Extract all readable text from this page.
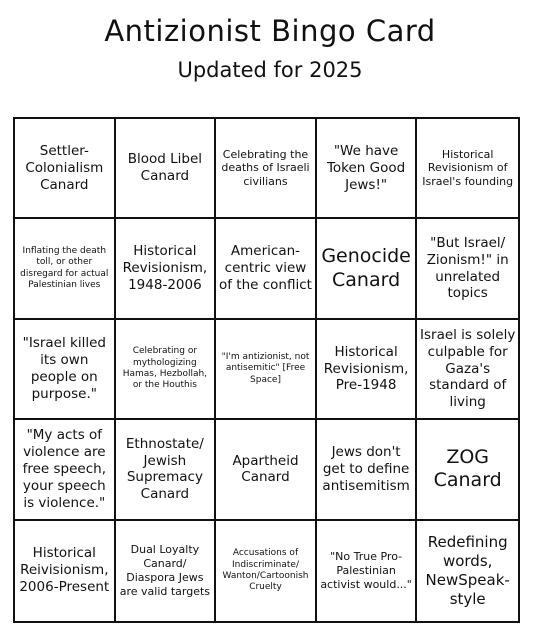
Antizionist Bingo Card
Updated for 2025
Settler-Colonialism Canard
Blood Libel Canard
Celebrating the deaths of Israeli civilians
"We have Token Good Jews!"
Historical Revisionism of Israel's founding
Inflating the death toll, or other disregard for actual Palestinian lives
Historical Revisionism, 1948-2006
American-centric view of the conflict
Genocide Canard
"But Israel/ Zionism!" in unrelated topics
"Israel killed its own people on purpose."
Celebrating or mythologizing Hamas, Hezbollah, or the Houthis
"I'm antizionist, not antisemitic" [Free Space]
Historical Revisionism, Pre-1948
Israel is solely culpable for Gaza's standard of living
"My acts of violence are free speech, your speech is violence."
Ethnostate/ Jewish Supremacy Canard
Apartheid Canard
Jews don't get to define antisemitism
ZOG Canard
Historical Reivisionism, 2006-Present
Dual Loyalty Canard/ Diaspora Jews are valid targets
Accusations of Indiscriminate/ Wanton/Cartoonish Cruelty
"No True Pro-Palestinian activist would..."
Redefining words, NewSpeak-style
